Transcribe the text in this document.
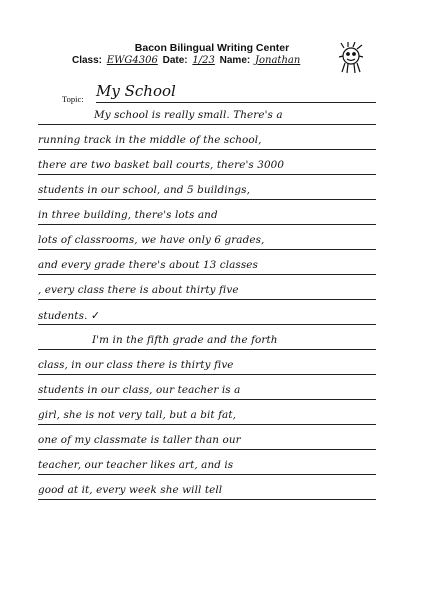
Bacon Bilingual Writing Center
Class: EWG4306 Date: 1/23 Name: Jonathan
Topic: My School
My school is really small. There's a
running track in the middle of the school,
there are two basket ball courts, there's 3000
students in our school, and 5 buildings,
in three building, there's lots and
lots of classrooms, we have only 6 grades,
and every grade there's about 13 classes
, every class there is about thirty five
students. ✓
I'm in the fifth grade and the forth
class, in our class there is thirty five
students in our class, our teacher is a
girl, she is not very tall, but a bit fat,
one of my classmate is taller than our
teacher, our teacher likes art, and is
good at it, every week she will tell
